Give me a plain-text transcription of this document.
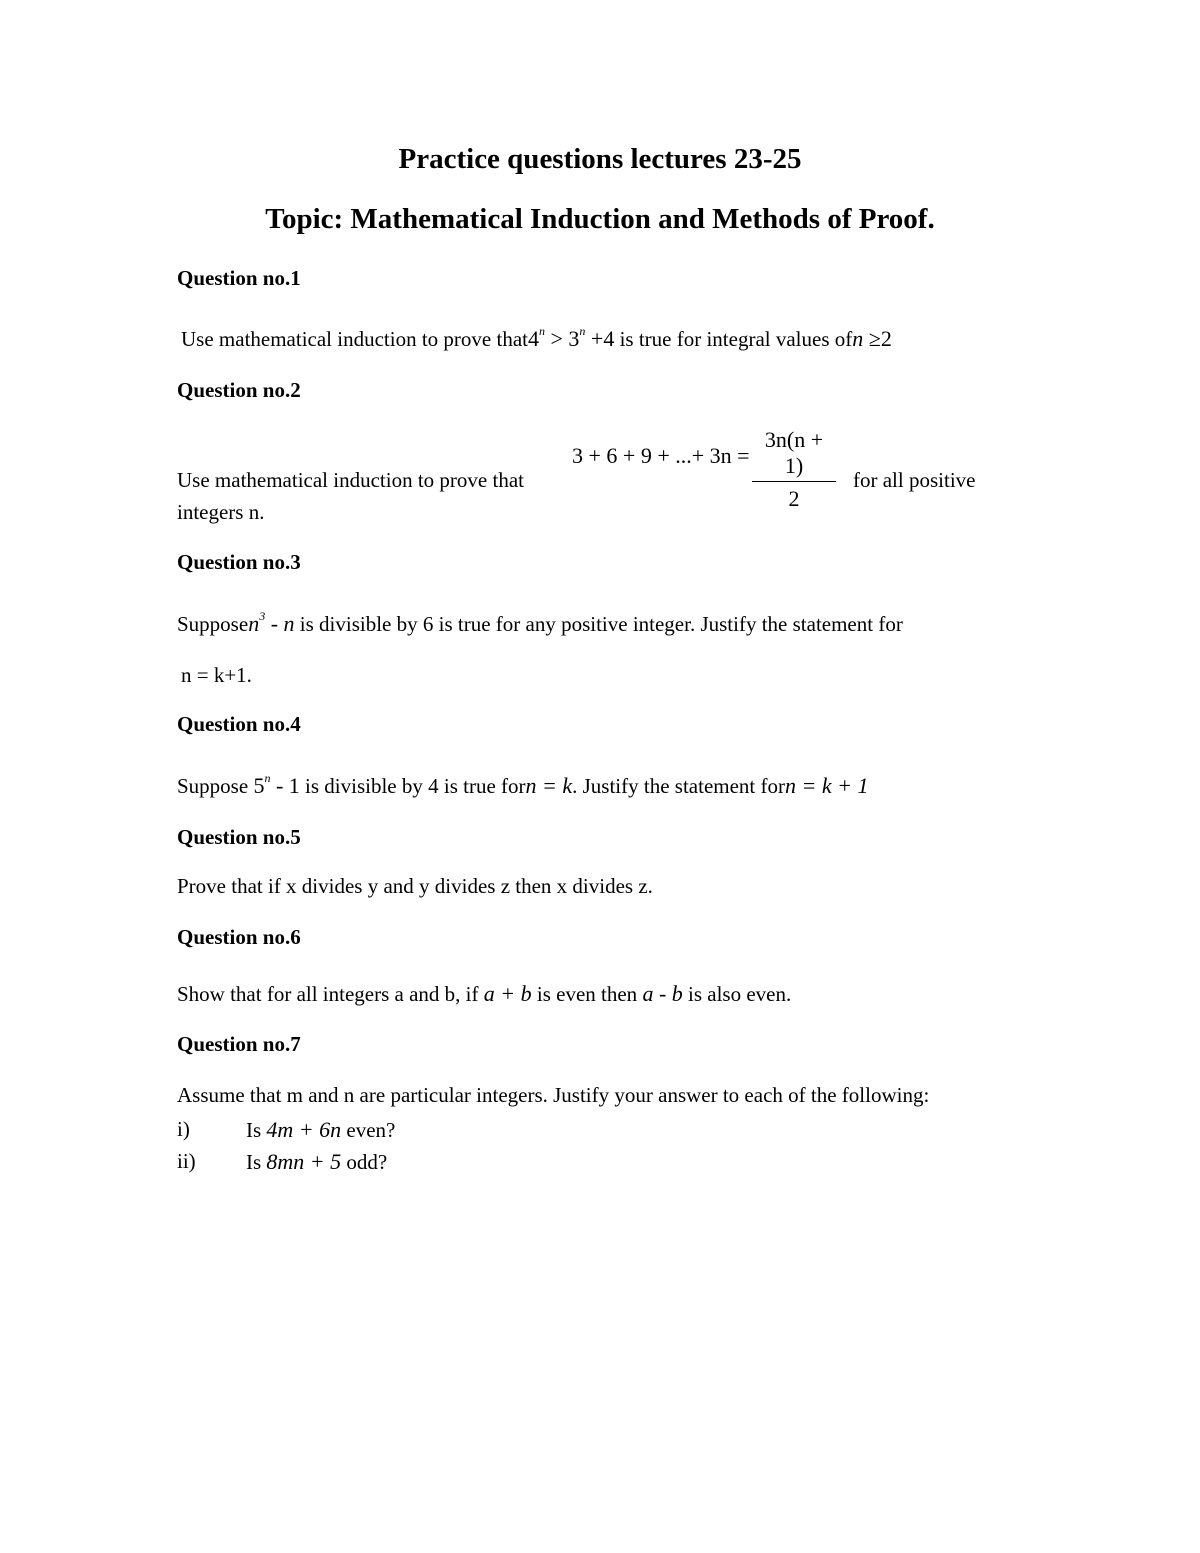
Practice questions lectures 23-25
Topic: Mathematical Induction and Methods of Proof.
Question no.1
Use mathematical induction to prove $that4^n > 3^n +4$ is true for integral values ofn ≥2
Question no.2
Use mathematical induction to prove that
3 + 6 + 9 + ...+ $3n = \frac{3n(n + 1)}{2}$ for all positive
integers n.
Question no.3
Supposen$^3$ - n is divisible by 6 is true for any positive integer. Justify the statement for
n = k+1.
Question no.4
Suppose 5$^n$ - 1 is divisible by 4 is true forn = k. Justify the statement forn = k + 1
Question no.5
Prove that if x divides y and y divides z then x divides z.
Question no.6
Show that for all integers a and b, if a + b is even then a - b is also even.
Question no.7
Assume that m and n are particular integers. Justify your answer to each of the following:
i)	Is 4m + 6n even?
ii) Is 8mn + 5 odd?
